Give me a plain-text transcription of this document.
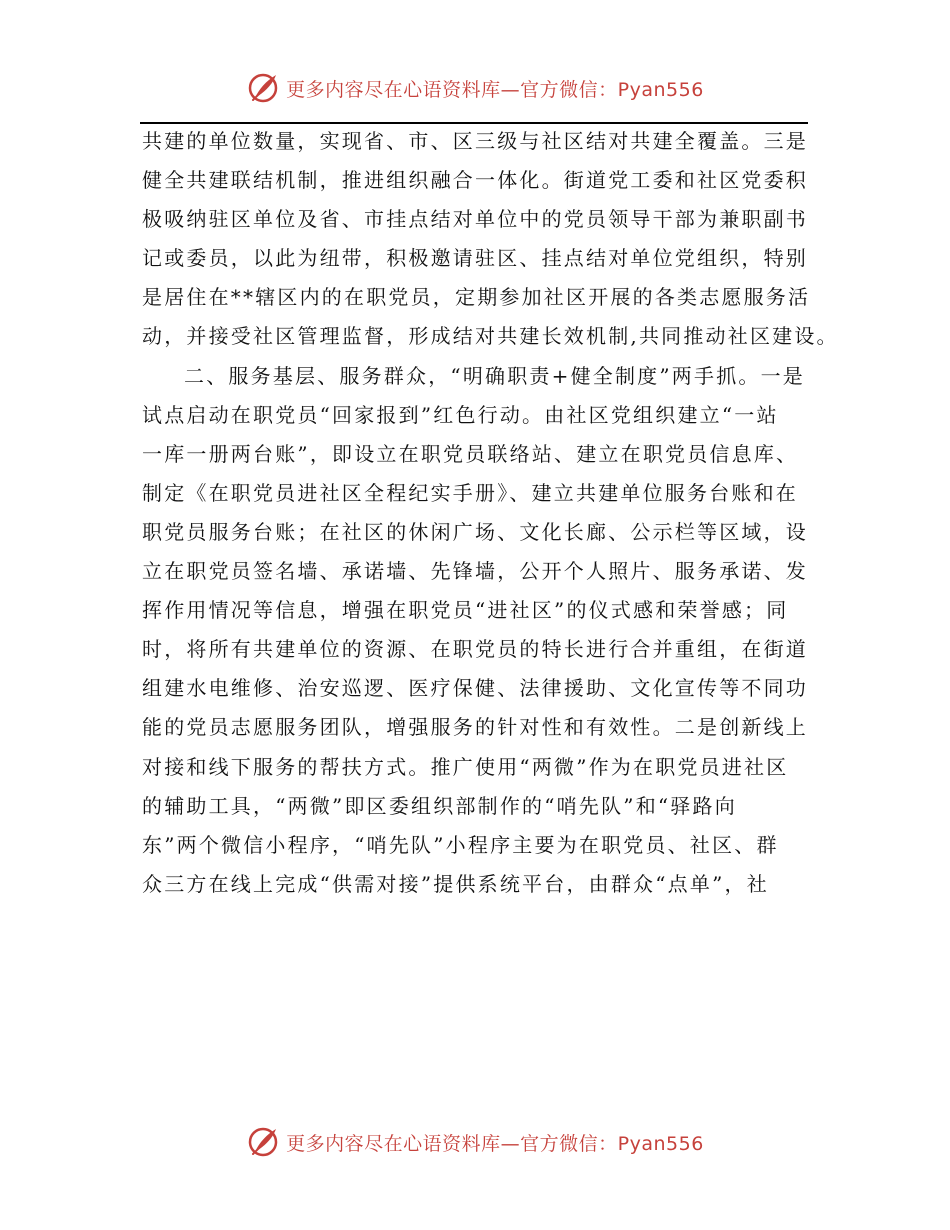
更多内容尽在心语资料库—官方微信：Pyan556
共建的单位数量，实现省、市、区三级与社区结对共建全覆盖。三是
健全共建联结机制，推进组织融合一体化。街道党工委和社区党委积
极吸纳驻区单位及省、市挂点结对单位中的党员领导干部为兼职副书
记或委员，以此为纽带，积极邀请驻区、挂点结对单位党组织，特别
是居住在**辖区内的在职党员，定期参加社区开展的各类志愿服务活
动，并接受社区管理监督，形成结对共建长效机制,共同推动社区建设。
二、服务基层、服务群众，“明确职责+健全制度”两手抓。一是
试点启动在职党员“回家报到”红色行动。由社区党组织建立“一站
一库一册两台账”，即设立在职党员联络站、建立在职党员信息库、
制定《在职党员进社区全程纪实手册》、建立共建单位服务台账和在
职党员服务台账；在社区的休闲广场、文化长廊、公示栏等区域，设
立在职党员签名墙、承诺墙、先锋墙，公开个人照片、服务承诺、发
挥作用情况等信息，增强在职党员“进社区”的仪式感和荣誉感；同
时，将所有共建单位的资源、在职党员的特长进行合并重组，在街道
组建水电维修、治安巡逻、医疗保健、法律援助、文化宣传等不同功
能的党员志愿服务团队，增强服务的针对性和有效性。二是创新线上
对接和线下服务的帮扶方式。推广使用“两微”作为在职党员进社区
的辅助工具，“两微”即区委组织部制作的“哨先队”和“驿路向
东”两个微信小程序，“哨先队”小程序主要为在职党员、社区、群
众三方在线上完成“供需对接”提供系统平台，由群众“点单”，社
更多内容尽在心语资料库—官方微信：Pyan556
